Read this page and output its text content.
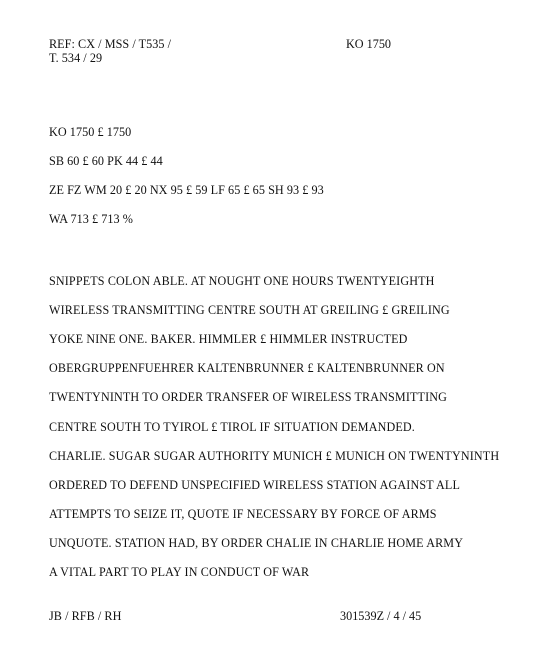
REF: CX / MSS / T535 /
T. 534 / 29
KO 1750
KO 1750 £ 1750
SB 60 £ 60 PK 44 £ 44
ZE FZ WM 20 £ 20 NX 95 £ 59 LF 65 £ 65 SH 93 £ 93
WA 713 £ 713 %
SNIPPETS COLON ABLE. AT NOUGHT ONE HOURS TWENTYEIGHTH
WIRELESS TRANSMITTING CENTRE SOUTH AT GREILING £ GREILING
YOKE NINE ONE. BAKER. HIMMLER £ HIMMLER INSTRUCTED
OBERGRUPPENFUEHRER KALTENBRUNNER £ KALTENBRUNNER ON
TWENTYNINTH TO ORDER TRANSFER OF WIRELESS TRANSMITTING
CENTRE SOUTH TO TYIROL £ TIROL IF SITUATION DEMANDED.
CHARLIE. SUGAR SUGAR AUTHORITY MUNICH £ MUNICH ON TWENTYNINTH
ORDERED TO DEFEND UNSPECIFIED WIRELESS STATION AGAINST ALL
ATTEMPTS TO SEIZE IT, QUOTE IF NECESSARY BY FORCE OF ARMS
UNQUOTE. STATION HAD, BY ORDER CHALIE IN CHARLIE HOME ARMY
A VITAL PART TO PLAY IN CONDUCT OF WAR
JB / RFB / RH	301539Z / 4 / 45
